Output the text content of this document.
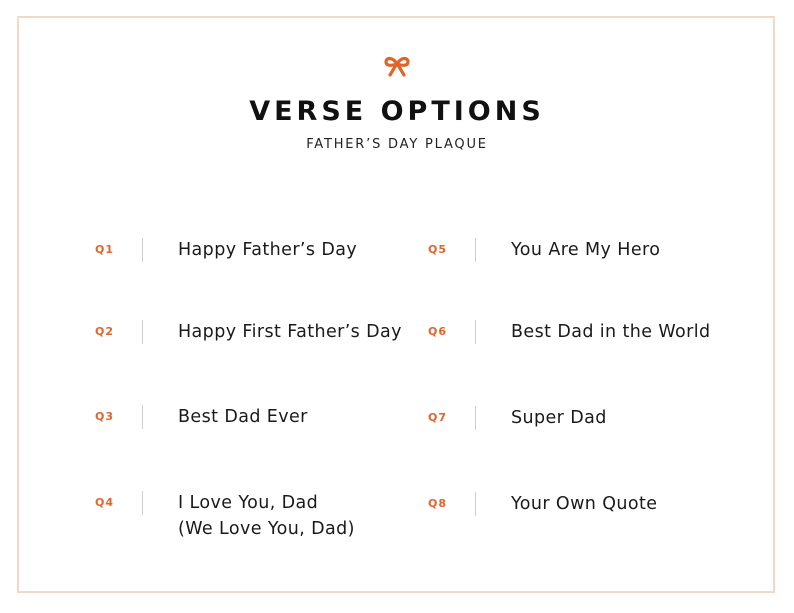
VERSE OPTIONS
FATHER’S DAY PLAQUE
Q1	Happy Father’s Day
Q2	Happy First Father’s Day
Q3	Best Dad Ever
Q4	I Love You, Dad
(We Love You, Dad)
Q5	You Are My Hero
Q6	Best Dad in the World
Q7	Super Dad
Q8	Your Own Quote
